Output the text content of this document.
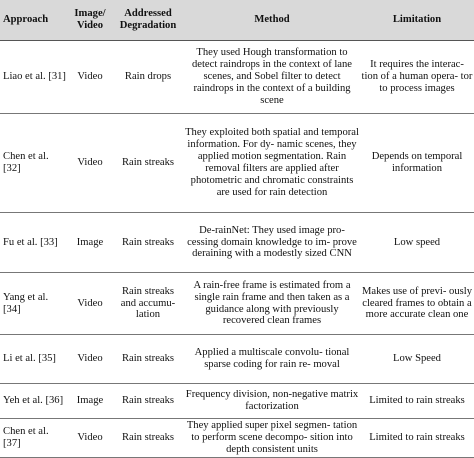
Approach	Image/ Video	Addressed Degradation	Method	Limitation
Liao et al. [31]	Video	Rain drops	They used Hough transformation to detect raindrops in the context of lane scenes, and Sobel filter to detect raindrops in the context of a building scene	It requires the interac- tion of a human opera- tor to process images
Chen et al. [32]	Video	Rain streaks	They exploited both spatial and temporal information. For dy- namic scenes, they applied motion segmentation. Rain removal filters are applied after photometric and chromatic constraints are used for rain detection	Depends on temporal information
Fu et al. [33]	Image	Rain streaks	De-rainNet: They used image pro- cessing domain knowledge to im- prove deraining with a modestly sized CNN	Low speed
Yang et al. [34]	Video	Rain streaks and accumu- lation	A rain-free frame is estimated from a single rain frame and then taken as a guidance along with previously recovered clean frames	Makes use of previ- ously cleared frames to obtain a more accurate clean one
Li et al. [35]	Video	Rain streaks	Applied a multiscale convolu- tional sparse coding for rain re- moval	Low Speed
Yeh et al. [36]	Image	Rain streaks	Frequency division, non-negative matrix factorization	Limited to rain streaks
Chen et al. [37]	Video	Rain streaks	They applied super pixel segmen- tation to perform scene decompo- sition into depth consistent units	Limited to rain streaks
